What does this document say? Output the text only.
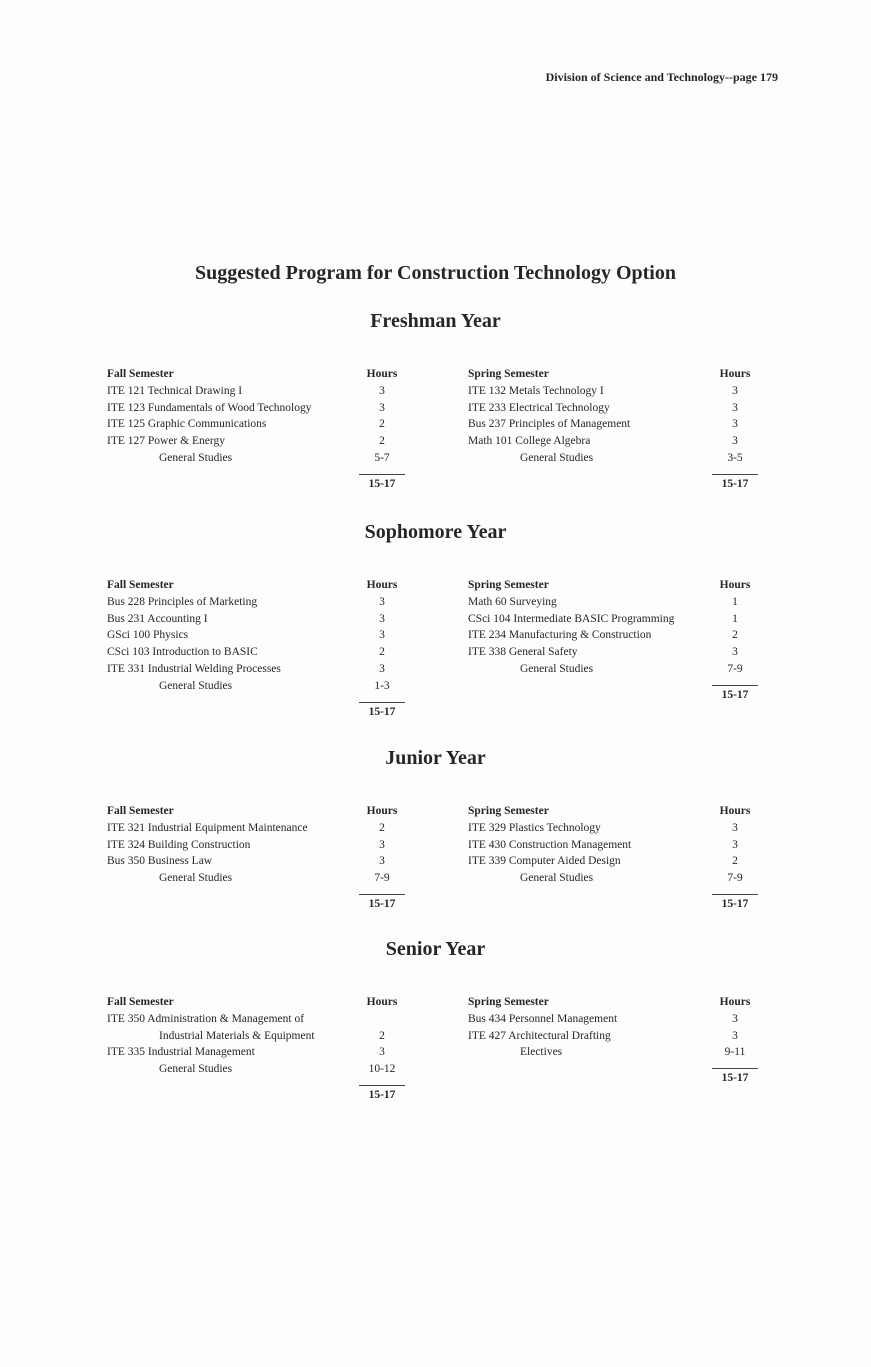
Division of Science and Technology--page 179
Suggested Program for Construction Technology Option
Freshman Year
Fall Semester	Hours
ITE 121 Technical Drawing I	3
ITE 123 Fundamentals of Wood Technology	3
ITE 125 Graphic Communications	2
ITE 127 Power & Energy	2
General Studies	5-7
15-17
Spring Semester	Hours
ITE 132 Metals Technology I	3
ITE 233 Electrical Technology	3
Bus 237 Principles of Management	3
Math 101 College Algebra	3
General Studies	3-5
15-17
Sophomore Year
Fall Semester	Hours
Bus 228 Principles of Marketing	3
Bus 231 Accounting I	3
GSci 100 Physics	3
CSci 103 Introduction to BASIC	2
ITE 331 Industrial Welding Processes	3
General Studies	1-3
15-17
Spring Semester	Hours
Math 60 Surveying	1
CSci 104 Intermediate BASIC Programming	1
ITE 234 Manufacturing & Construction	2
ITE 338 General Safety	3
General Studies	7-9
15-17
Junior Year
Fall Semester	Hours
ITE 321 Industrial Equipment Maintenance	2
ITE 324 Building Construction	3
Bus 350 Business Law	3
General Studies	7-9
15-17
Spring Semester	Hours
ITE 329 Plastics Technology	3
ITE 430 Construction Management	3
ITE 339 Computer Aided Design	2
General Studies	7-9
15-17
Senior Year
Fall Semester	Hours
ITE 350 Administration & Management of
Industrial Materials & Equipment	2
ITE 335 Industrial Management	3
General Studies	10-12
15-17
Spring Semester	Hours
Bus 434 Personnel Management	3
ITE 427 Architectural Drafting	3
Electives	9-11
15-17
